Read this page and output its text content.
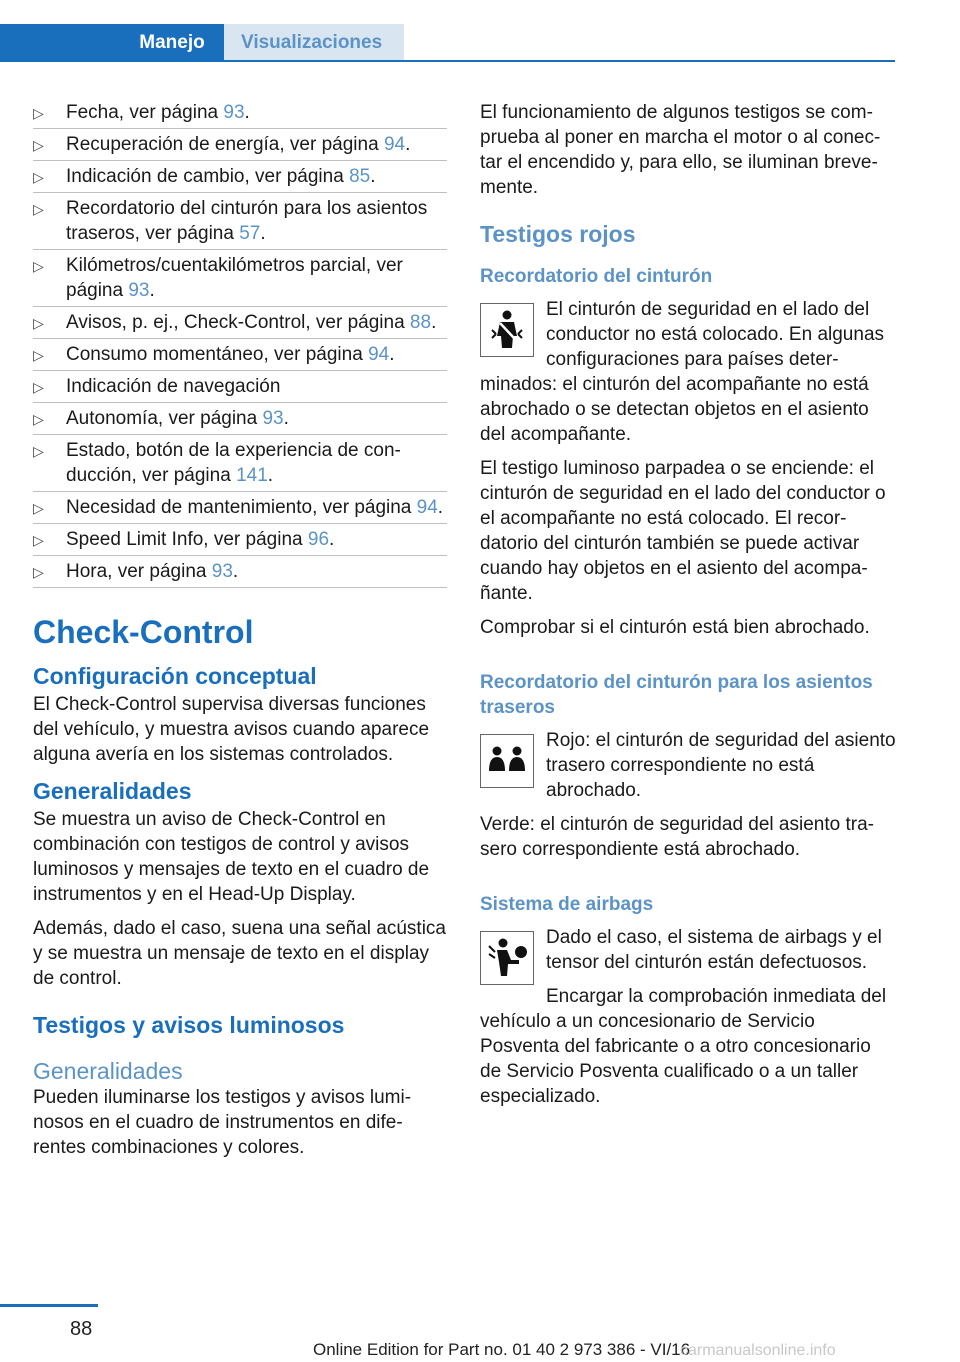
Manejo	Visualizaciones
▷ Fecha, ver página 93.
▷ Recuperación de energía, ver página 94.
▷ Indicación de cambio, ver página 85.
▷ Recordatorio del cinturón para los asientos traseros, ver página 57.
▷ Kilómetros/cuentakilómetros parcial, ver página 93.
▷ Avisos, p. ej., Check-Control, ver página 88.
▷ Consumo momentáneo, ver página 94.
▷ Indicación de navegación
▷ Autonomía, ver página 93.
▷ Estado, botón de la experiencia de conducción, ver página 141.
▷ Necesidad de mantenimiento, ver página 94.
▷ Speed Limit Info, ver página 96.
▷ Hora, ver página 93.
Check-Control
Configuración conceptual

El Check-Control supervisa diversas funciones del vehículo, y muestra avisos cuando aparece alguna avería en los sistemas controlados.

Generalidades

Se muestra un aviso de Check-Control en combinación con testigos de control y avisos luminosos y mensajes de texto en el cuadro de instrumentos y en el Head-Up Display.

Además, dado el caso, suena una señal acústica y se muestra un mensaje de texto en el display de control.

Testigos y avisos luminosos
Generalidades

Pueden iluminarse los testigos y avisos luminosos en el cuadro de instrumentos en diferentes combinaciones y colores.

El funcionamiento de algunos testigos se comprueba al poner en marcha el motor o al conectar el encendido y, para ello, se iluminan brevemente.

Testigos rojos
Recordatorio del cinturón

El cinturón de seguridad en el lado del conductor no está colocado. En algunas configuraciones para países determinados: el cinturón del acompañante no está abrochado o se detectan objetos en el asiento del acompañante.

El testigo luminoso parpadea o se enciende: el cinturón de seguridad en el lado del conductor o el acompañante no está colocado. El recordatorio del cinturón también se puede activar cuando hay objetos en el asiento del acompañante.

Comprobar si el cinturón está bien abrochado.

Recordatorio del cinturón para los asientos traseros

Rojo: el cinturón de seguridad del asiento trasero correspondiente no está abrochado.

Verde: el cinturón de seguridad del asiento trasero correspondiente está abrochado.

Sistema de airbags

Dado el caso, el sistema de airbags y el tensor del cinturón están defectuosos.

Encargar la comprobación inmediata del vehículo a un concesionario de Servicio Posventa del fabricante o a otro concesionario de Servicio Posventa cualificado o a un taller especializado.

88
Online Edition for Part no. 01 40 2 973 386 - VI/16
carmanualsonline.info
